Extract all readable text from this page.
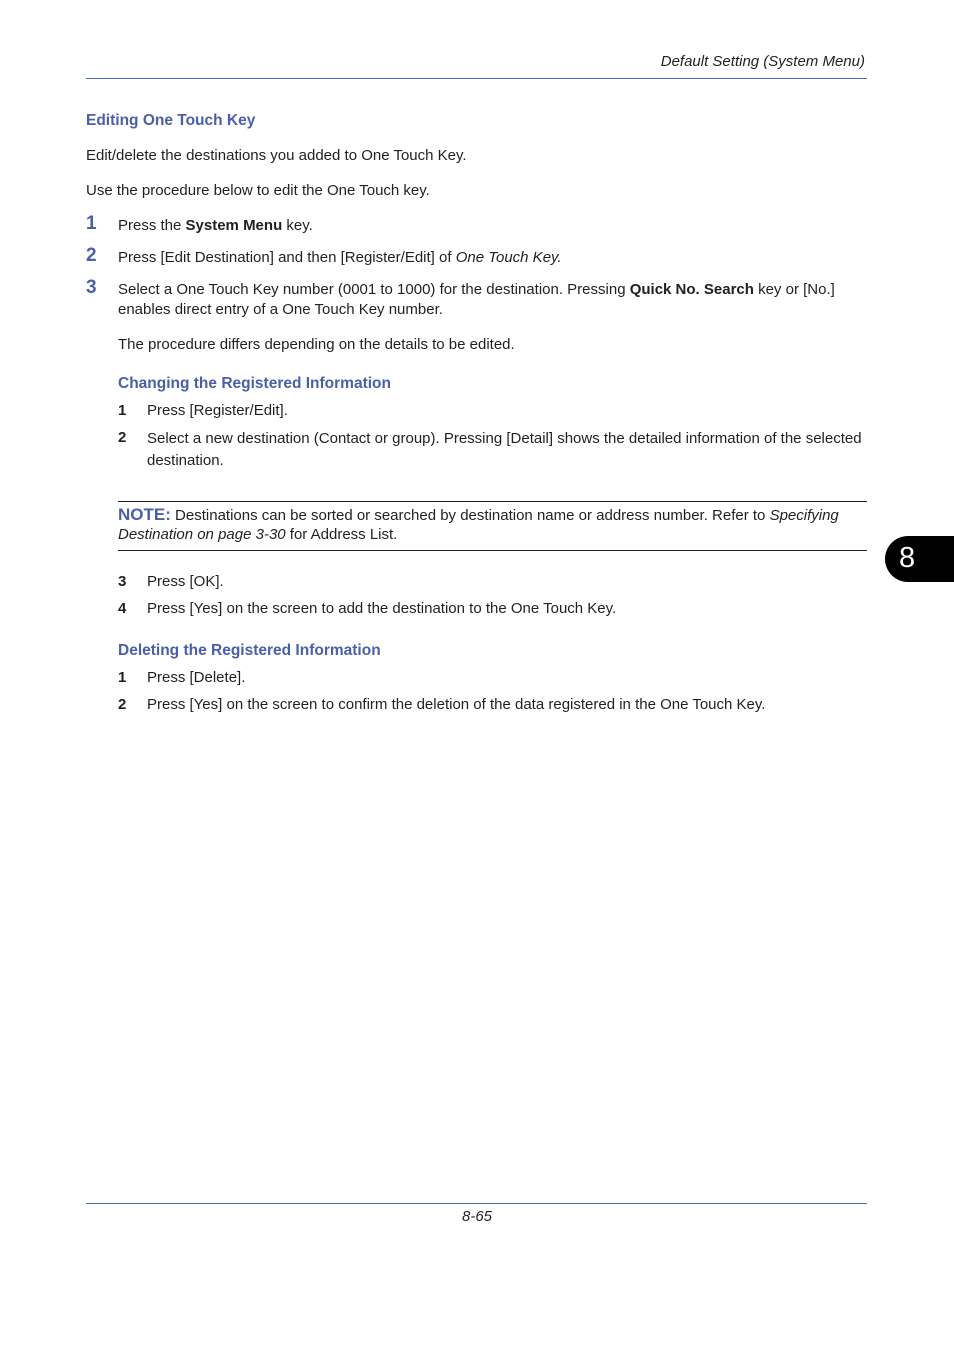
Default Setting (System Menu)
Editing One Touch Key
Edit/delete the destinations you added to One Touch Key.
Use the procedure below to edit the One Touch key.
1 Press the System Menu key.
2 Press [Edit Destination] and then [Register/Edit] of One Touch Key.
3 Select a One Touch Key number (0001 to 1000) for the destination. Pressing Quick No. Search key or [No.] enables direct entry of a One Touch Key number.
The procedure differs depending on the details to be edited.
Changing the Registered Information
1 Press [Register/Edit].
2 Select a new destination (Contact or group). Pressing [Detail] shows the detailed information of the selected destination.
NOTE: Destinations can be sorted or searched by destination name or address number. Refer to Specifying Destination on page 3-30 for Address List.
3 Press [OK].
4 Press [Yes] on the screen to add the destination to the One Touch Key.
Deleting the Registered Information
1 Press [Delete].
2 Press [Yes] on the screen to confirm the deletion of the data registered in the One Touch Key.
8
8-65
